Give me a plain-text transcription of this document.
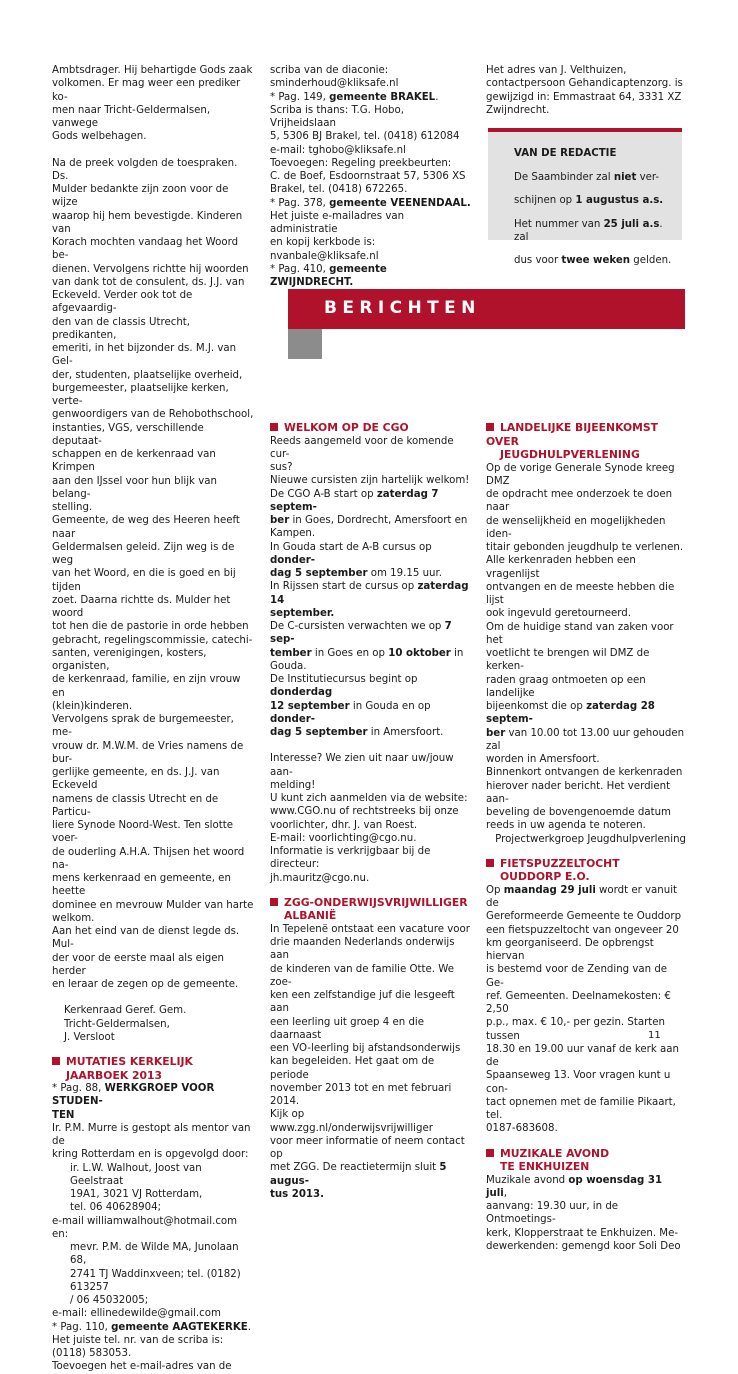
Ambtsdrager. Hij behartigde Gods zaak

volkomen. Er mag weer een prediker ko-

men naar Tricht-Geldermalsen, vanwege

Gods welbehagen.

Na de preek volgden de toespraken. Ds.

Mulder bedankte zijn zoon voor de wijze

waarop hij hem bevestigde. Kinderen van

Korach mochten vandaag het Woord be-

dienen. Vervolgens richtte hij woorden

van dank tot de consulent, ds. J.J. van

Eckeveld. Verder ook tot de afgevaardig-

den van de classis Utrecht, predikanten,

emeriti, in het bijzonder ds. M.J. van Gel-

der, studenten, plaatselijke overheid,

burgemeester, plaatselijke kerken, verte-

genwoordigers van de Rehobothschool,

instanties, VGS, verschillende deputaat-

schappen en de kerkenraad van Krimpen

aan den IJssel voor hun blijk van belang-

stelling.

Gemeente, de weg des Heeren heeft naar

Geldermalsen geleid. Zijn weg is de weg

van het Woord, en die is goed en bij tijden

zoet. Daarna richtte ds. Mulder het woord

tot hen die de pastorie in orde hebben

gebracht, regelingscommissie, catechi-

santen, verenigingen, kosters, organisten,

de kerkenraad, familie, en zijn vrouw en

(klein)kinderen.

Vervolgens sprak de burgemeester, me-

vrouw dr. M.W.M. de Vries namens de bur-

gerlijke gemeente, en ds. J.J. van Eckeveld

namens de classis Utrecht en de Particu-

liere Synode Noord-West. Ten slotte voer-

de ouderling A.H.A. Thijsen het woord na-

mens kerkenraad en gemeente, en heette

dominee en mevrouw Mulder van harte

welkom.

Aan het eind van de dienst legde ds. Mul-

der voor de eerste maal als eigen herder

en leraar de zegen op de gemeente.

Kerkenraad Geref. Gem.

Tricht-Geldermalsen,

J. Versloot

MUTATIES KERKELIJK
JAARBOEK 2013

* Pag. 88, WERKGROEP VOOR STUDEN-

TEN

Ir. P.M. Murre is gestopt als mentor van de

kring Rotterdam en is opgevolgd door:

ir. L.W. Walhout, Joost van Geelstraat

19A1, 3021 VJ Rotterdam,

tel. 06 40628904;

e-mail williamwalhout@hotmail.com

en:

mevr. P.M. de Wilde MA, Junolaan 68,

2741 TJ Waddinxveen; tel. (0182) 613257

/ 06 45032005;

e-mail: ellinedewilde@gmail.com

* Pag. 110, gemeente AAGTEKERKE.

Het juiste tel. nr. van de scriba is:

(0118) 583053.

Toevoegen het e-mail-adres van de

scriba van de diaconie:

sminderhoud@kliksafe.nl

* Pag. 149, gemeente BRAKEL.

Scriba is thans: T.G. Hobo, Vrijheidslaan

5, 5306 BJ Brakel, tel. (0418) 612084

e-mail: tghobo@kliksafe.nl

Toevoegen: Regeling preekbeurten:

C. de Boef, Esdoornstraat 57, 5306 XS

Brakel, tel. (0418) 672265.

* Pag. 378, gemeente VEENENDAAL.

Het juiste e-mailadres van administratie

en kopij kerkbode is:

nvanbale@kliksafe.nl

* Pag. 410, gemeente ZWIJNDRECHT.

Het adres van J. Velthuizen,

contactpersoon Gehandicaptenzorg. is

gewijzigd in: Emmastraat 64, 3331 XZ

Zwijndrecht.

VAN DE REDACTIE

De Saambinder zal niet ver-

schijnen op 1 augustus a.s.

Het nummer van 25 juli a.s. zal

dus voor twee weken gelden.

BERICHTEN

WELKOM OP DE CGO

Reeds aangemeld voor de komende cur-

sus?

Nieuwe cursisten zijn hartelijk welkom!

De CGO A-B start op zaterdag 7 septem-

ber in Goes, Dordrecht, Amersfoort en

Kampen.

In Gouda start de A-B cursus op donder-

dag 5 september om 19.15 uur.

In Rijssen start de cursus op zaterdag 14

september.

De C-cursisten verwachten we op 7 sep-

tember in Goes en op 10 oktober in

Gouda.

De Institutiecursus begint op donderdag

12 september in Gouda en op donder-

dag 5 september in Amersfoort.

Interesse? We zien uit naar uw/jouw aan-

melding!

U kunt zich aanmelden via de website:

www.CGO.nu of rechtstreeks bij onze

voorlichter, dhr. J. van Roest.

E-mail: voorlichting@cgo.nu.

Informatie is verkrijgbaar bij de directeur:

jh.mauritz@cgo.nu.

ZGG-ONDERWIJSVRIJWILLIGER
ALBANIË

In Tepelenë ontstaat een vacature voor

drie maanden Nederlands onderwijs aan

de kinderen van de familie Otte. We zoe-

ken een zelfstandige juf die lesgeeft aan

een leerling uit groep 4 en die daarnaast

een VO-leerling bij afstandsonderwijs

kan begeleiden. Het gaat om de periode

november 2013 tot en met februari 2014.

Kijk op www.zgg.nl/onderwijsvrijwilliger

voor meer informatie of neem contact op

met ZGG. De reactietermijn sluit 5 augus-

tus 2013.

LANDELIJKE BIJEENKOMST OVER
JEUGDHULPVERLENING

Op de vorige Generale Synode kreeg DMZ

de opdracht mee onderzoek te doen naar

de wenselijkheid en mogelijkheden iden-

titair gebonden jeugdhulp te verlenen.

Alle kerkenraden hebben een vragenlijst

ontvangen en de meeste hebben die lijst

ook ingevuld geretourneerd.

Om de huidige stand van zaken voor het

voetlicht te brengen wil DMZ de kerken-

raden graag ontmoeten op een landelijke

bijeenkomst die op zaterdag 28 septem-

ber van 10.00 tot 13.00 uur gehouden zal

worden in Amersfoort.

Binnenkort ontvangen de kerkenraden

hierover nader bericht. Het verdient aan-

beveling de bovengenoemde datum

reeds in uw agenda te noteren.

Projectwerkgroep Jeugdhulpverlening

FIETSPUZZELTOCHT
OUDDORP E.O.

Op maandag 29 juli wordt er vanuit de

Gereformeerde Gemeente te Ouddorp

een fietspuzzeltocht van ongeveer 20

km georganiseerd. De opbrengst hiervan

is bestemd voor de Zending van de Ge-

ref. Gemeenten. Deelnamekosten: € 2,50

p.p., max. € 10,- per gezin. Starten tussen

18.30 en 19.00 uur vanaf de kerk aan de

Spaanseweg 13. Voor vragen kunt u con-

tact opnemen met de familie Pikaart, tel.

0187-683608.

MUZIKALE AVOND
TE ENKHUIZEN

Muzikale avond op woensdag 31 juli,

aanvang: 19.30 uur, in de Ontmoetings-

kerk, Klopperstraat te Enkhuizen. Me-

dewerkenden: gemengd koor Soli Deo

11
